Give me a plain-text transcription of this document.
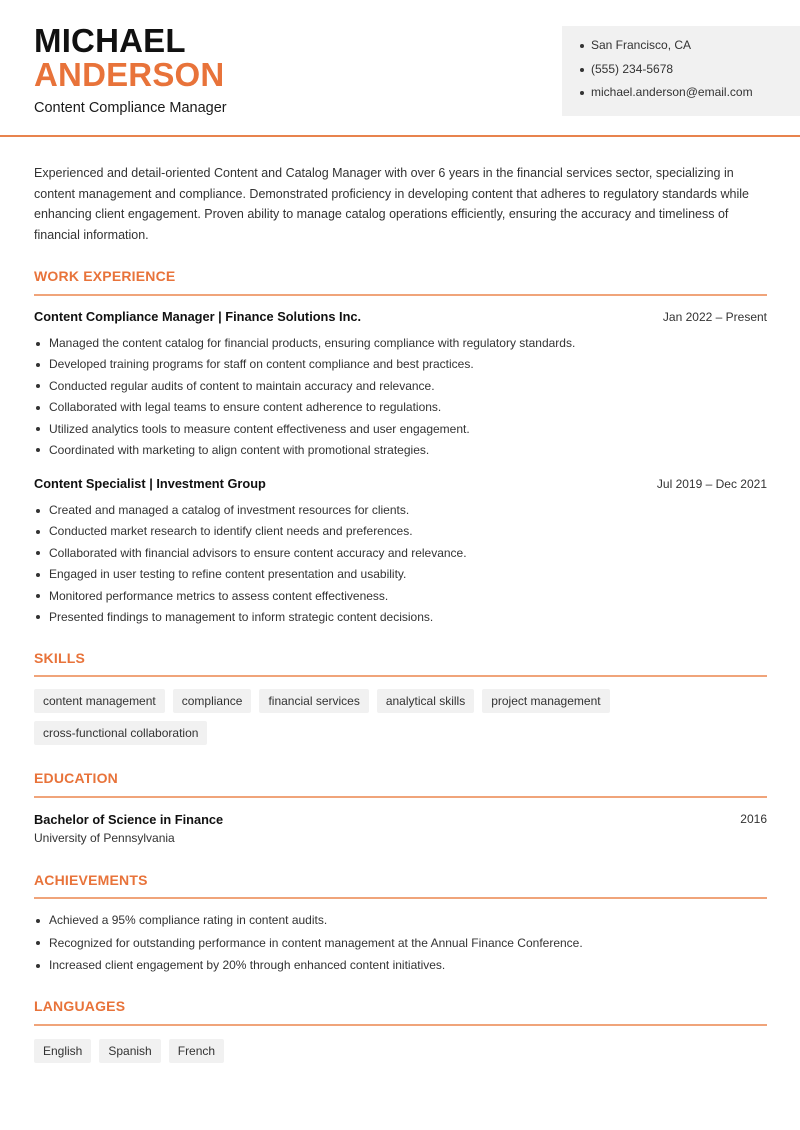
MICHAEL
ANDERSON
Content Compliance Manager
San Francisco, CA
(555) 234-5678
michael.anderson@email.com

Experienced and detail-oriented Content and Catalog Manager with over 6 years in the financial services sector, specializing in content management and compliance. Demonstrated proficiency in developing content that adheres to regulatory standards while enhancing client engagement. Proven ability to manage catalog operations efficiently, ensuring the accuracy and timeliness of financial information.

WORK EXPERIENCE
Content Compliance Manager | Finance Solutions Inc.	Jan 2022 – Present
Managed the content catalog for financial products, ensuring compliance with regulatory standards.
Developed training programs for staff on content compliance and best practices.
Conducted regular audits of content to maintain accuracy and relevance.
Collaborated with legal teams to ensure content adherence to regulations.
Utilized analytics tools to measure content effectiveness and user engagement.
Coordinated with marketing to align content with promotional strategies.
Content Specialist | Investment Group	Jul 2019 – Dec 2021
Created and managed a catalog of investment resources for clients.
Conducted market research to identify client needs and preferences.
Collaborated with financial advisors to ensure content accuracy and relevance.
Engaged in user testing to refine content presentation and usability.
Monitored performance metrics to assess content effectiveness.
Presented findings to management to inform strategic content decisions.
SKILLS
content management	compliance	financial services	analytical skills	project management
cross-functional collaboration
EDUCATION
Bachelor of Science in Finance	2016
University of Pennsylvania
ACHIEVEMENTS
Achieved a 95% compliance rating in content audits.
Recognized for outstanding performance in content management at the Annual Finance Conference.
Increased client engagement by 20% through enhanced content initiatives.
LANGUAGES
English	Spanish	French
